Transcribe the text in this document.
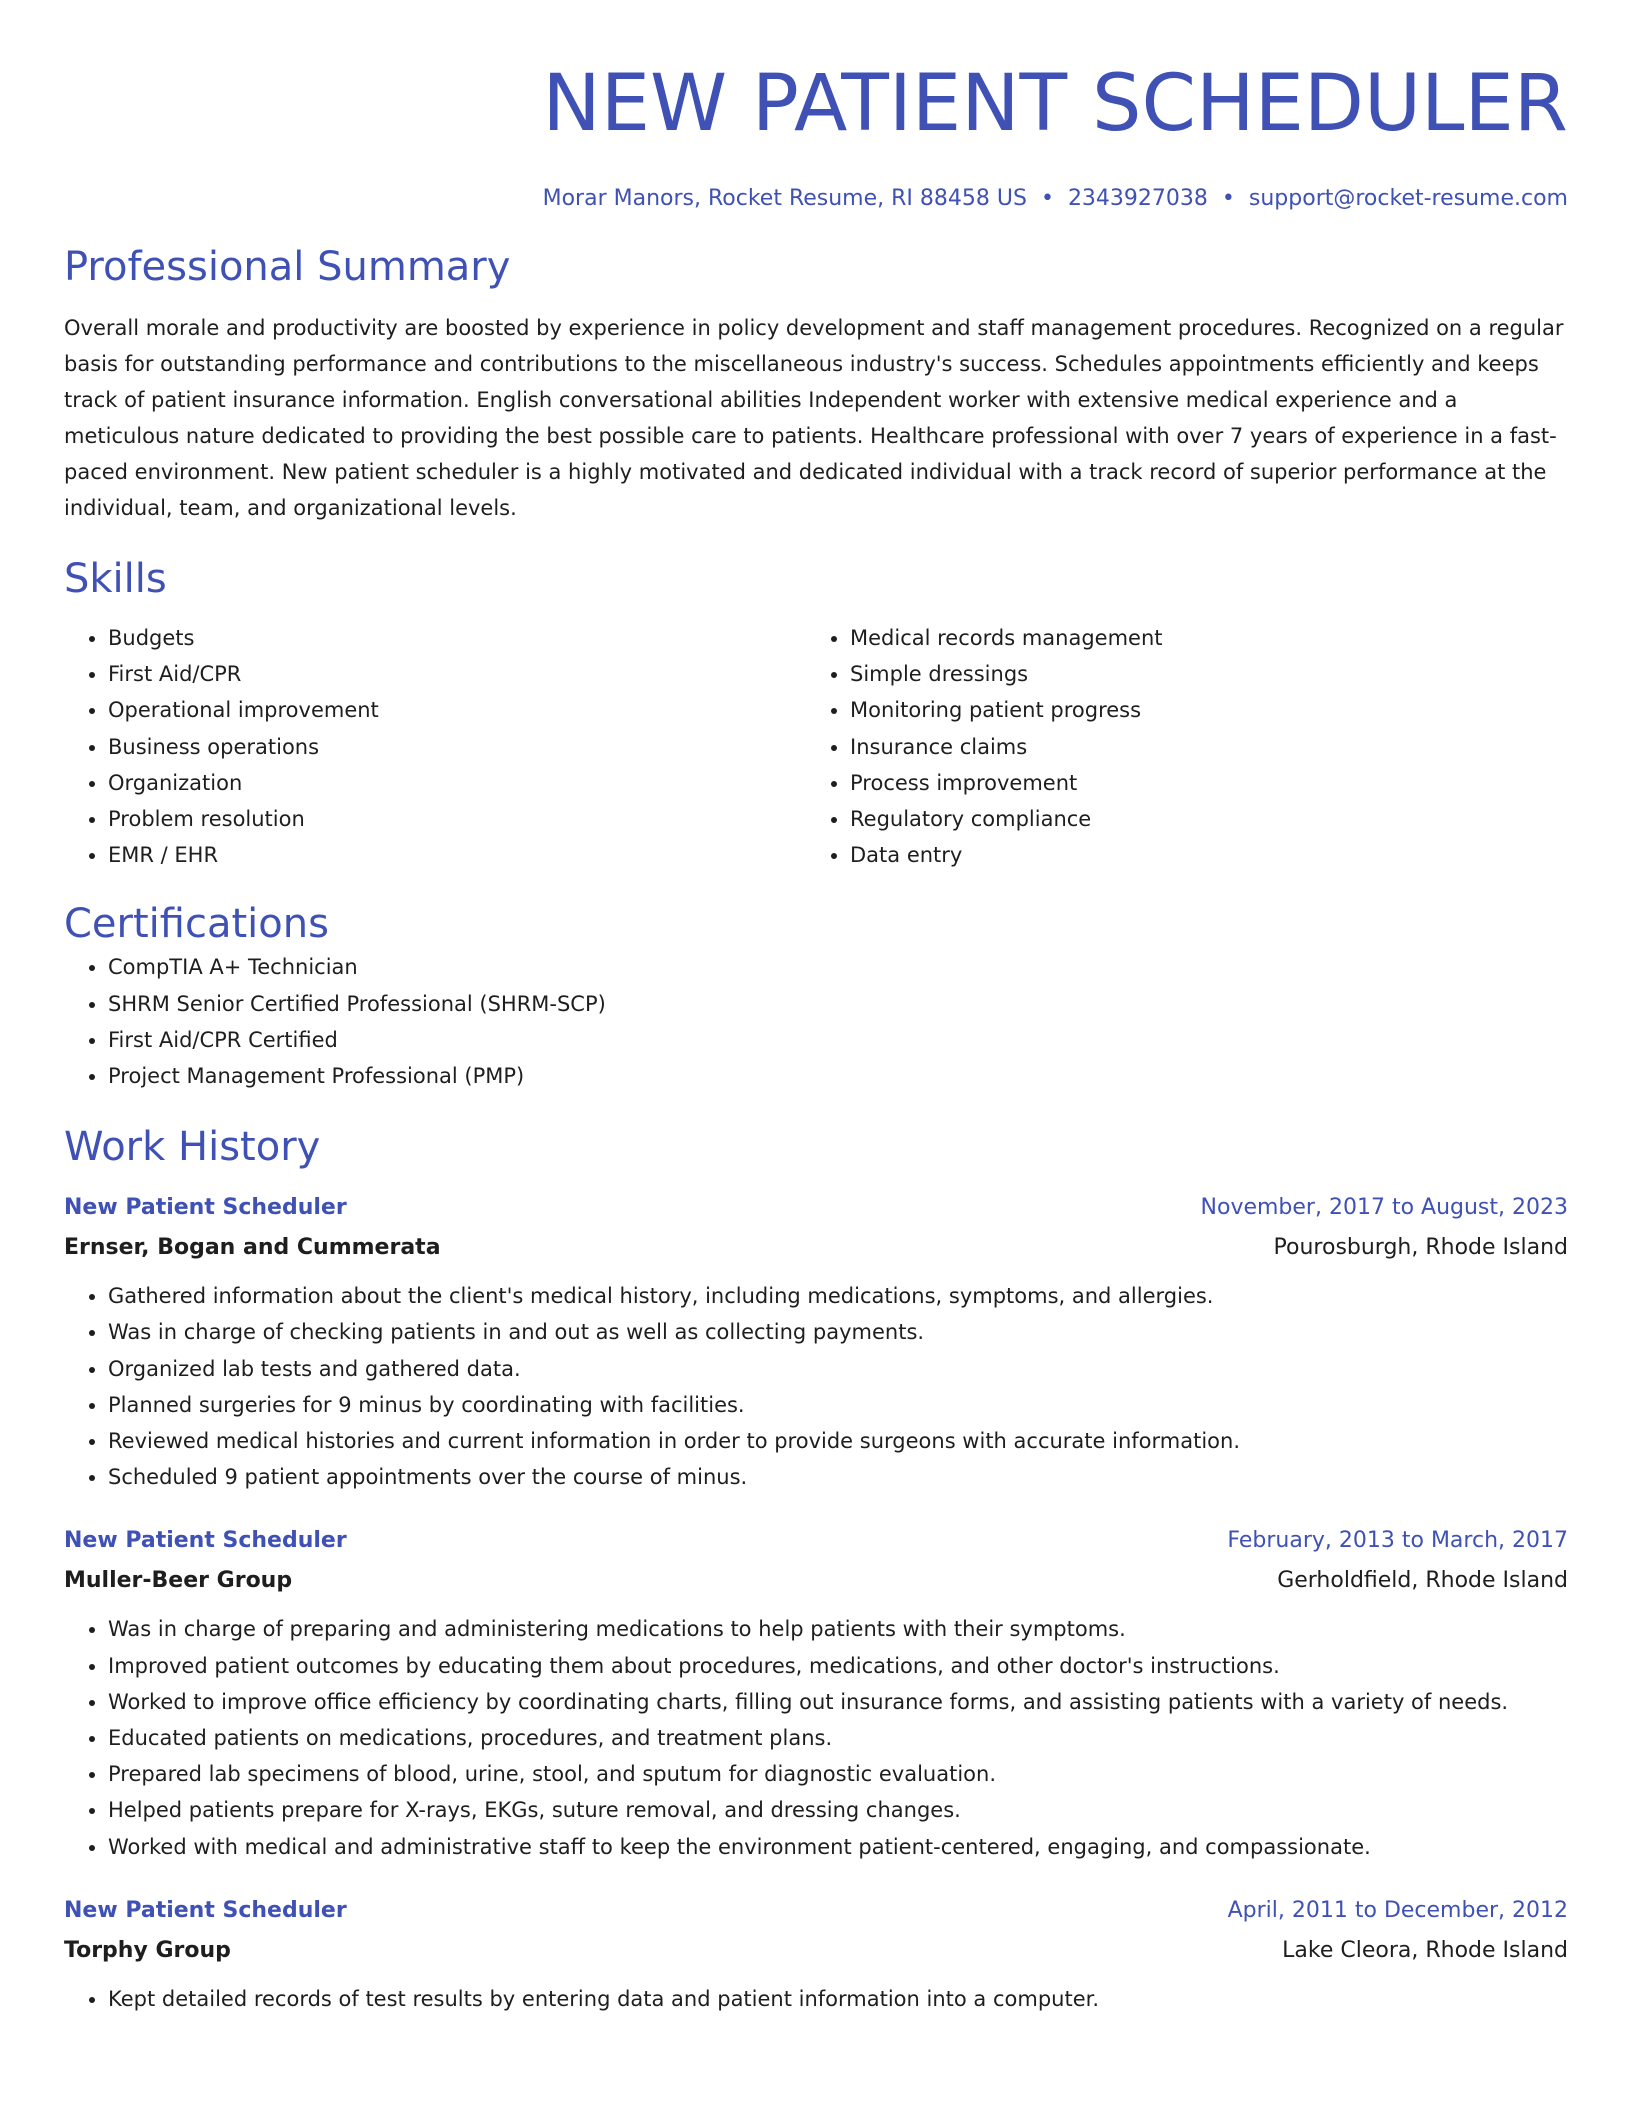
NEW PATIENT SCHEDULER
Morar Manors, Rocket Resume, RI 88458 US • 2343927038 • support@rocket-resume.com
Professional Summary
Overall morale and productivity are boosted by experience in policy development and staff management procedures. Recognized on a regular basis for outstanding performance and contributions to the miscellaneous industry's success. Schedules appointments efficiently and keeps track of patient insurance information. English conversational abilities Independent worker with extensive medical experience and a meticulous nature dedicated to providing the best possible care to patients. Healthcare professional with over 7 years of experience in a fast-paced environment. New patient scheduler is a highly motivated and dedicated individual with a track record of superior performance at the individual, team, and organizational levels.
Skills
• Budgets
• First Aid/CPR
• Operational improvement
• Business operations
• Organization
• Problem resolution
• EMR / EHR
• Medical records management
• Simple dressings
• Monitoring patient progress
• Insurance claims
• Process improvement
• Regulatory compliance
• Data entry
Certifications
• CompTIA A+ Technician
• SHRM Senior Certified Professional (SHRM-SCP)
• First Aid/CPR Certified
• Project Management Professional (PMP)
Work History
New Patient Scheduler	November, 2017 to August, 2023
Ernser, Bogan and Cummerata	Pourosburgh, Rhode Island
• Gathered information about the client's medical history, including medications, symptoms, and allergies.
• Was in charge of checking patients in and out as well as collecting payments.
• Organized lab tests and gathered data.
• Planned surgeries for 9 minus by coordinating with facilities.
• Reviewed medical histories and current information in order to provide surgeons with accurate information.
• Scheduled 9 patient appointments over the course of minus.
New Patient Scheduler	February, 2013 to March, 2017
Muller-Beer Group	Gerholdfield, Rhode Island
• Was in charge of preparing and administering medications to help patients with their symptoms.
• Improved patient outcomes by educating them about procedures, medications, and other doctor's instructions.
• Worked to improve office efficiency by coordinating charts, filling out insurance forms, and assisting patients with a variety of needs.
• Educated patients on medications, procedures, and treatment plans.
• Prepared lab specimens of blood, urine, stool, and sputum for diagnostic evaluation.
• Helped patients prepare for X-rays, EKGs, suture removal, and dressing changes.
• Worked with medical and administrative staff to keep the environment patient-centered, engaging, and compassionate.
New Patient Scheduler	April, 2011 to December, 2012
Torphy Group	Lake Cleora, Rhode Island
• Kept detailed records of test results by entering data and patient information into a computer.
